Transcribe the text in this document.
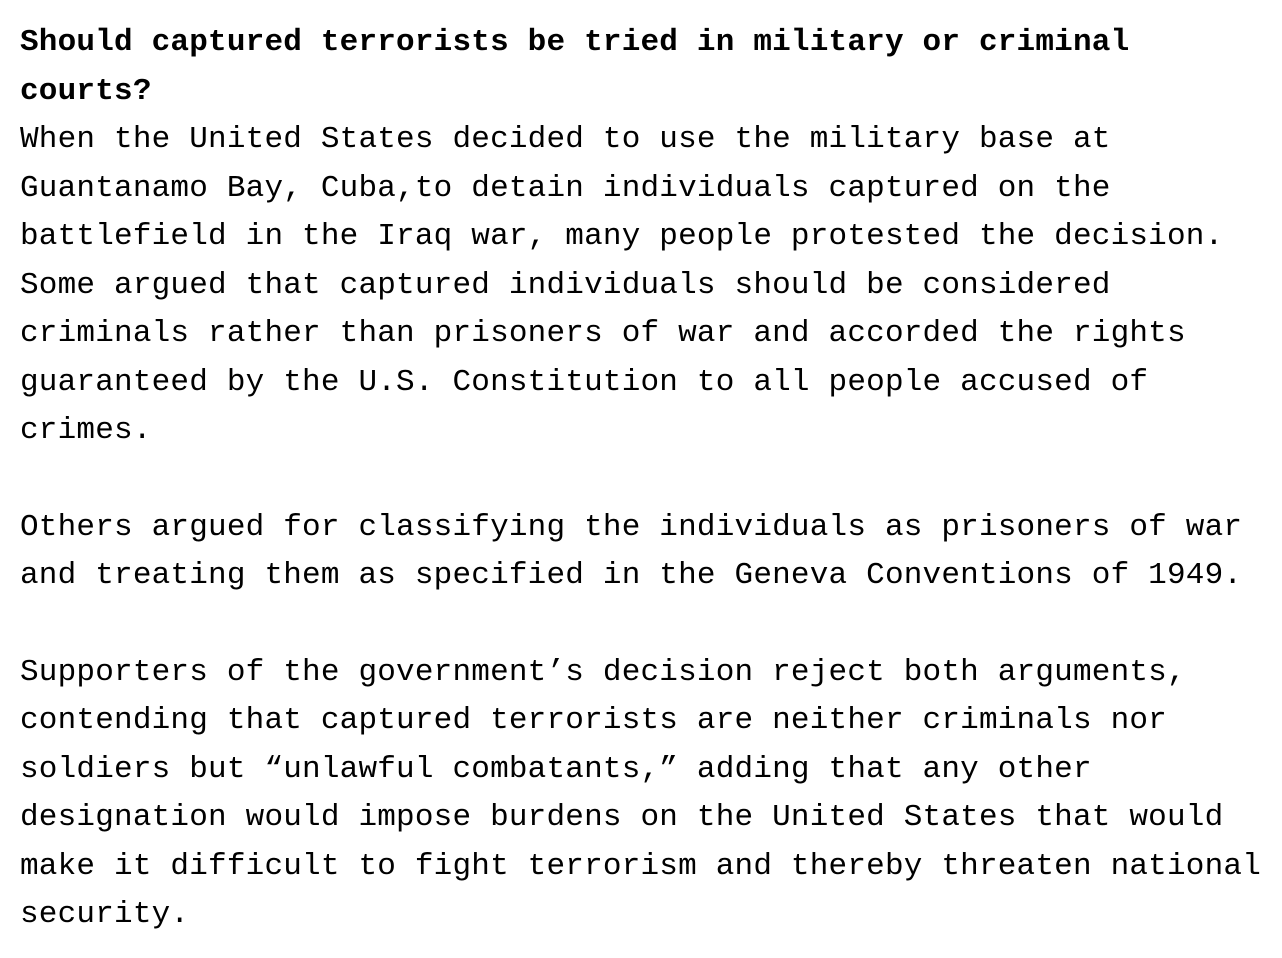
Should captured terrorists be tried in military or criminal courts?

When the United States decided to use the military base at Guantanamo Bay, Cuba,to detain individuals captured on the battlefield in the Iraq war, many people protested the decision. Some argued that captured individuals should be considered criminals rather than prisoners of war and accorded the rights guaranteed by the U.S. Constitution to all people accused of crimes.

Others argued for classifying the individuals as prisoners of war and treating them as specified in the Geneva Conventions of 1949.

Supporters of the government’s decision reject both arguments, contending that captured terrorists are neither criminals nor soldiers but “unlawful combatants,” adding that any other designation would impose burdens on the United States that would make it difficult to fight terrorism and thereby threaten national security.
